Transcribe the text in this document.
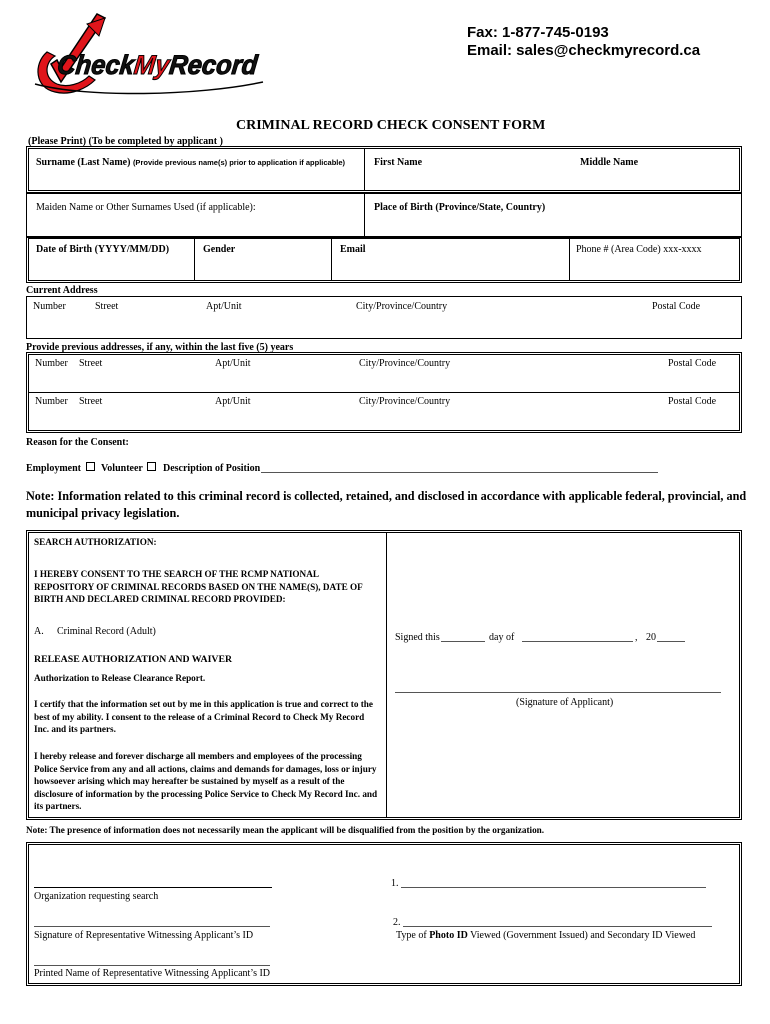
CheckMyRecord
Fax: 1-877-745-0193
Email: sales@checkmyrecord.ca
CRIMINAL RECORD CHECK CONSENT FORM
(Please Print) (To be completed by applicant )
Surname (Last Name) (Provide previous name(s) prior to application if applicable)	First Name	Middle Name
Maiden Name or Other Surnames Used (if applicable):	Place of Birth (Province/State, Country)
Date of Birth (YYYY/MM/DD)	Gender	Email	Phone # (Area Code) xxx-xxxx
Current Address
Number	Street	Apt/Unit	City/Province/Country	Postal Code
Provide previous addresses, if any, within the last five (5) years
Number Street	Apt/Unit	City/Province/Country	Postal Code
Number Street	Apt/Unit	City/Province/Country	Postal Code
Reason for the Consent:
Employment Volunteer Description of Position
Note: Information related to this criminal record is collected, retained, and disclosed in accordance with applicable federal, provincial, and municipal privacy legislation.
SEARCH AUTHORIZATION:
I HEREBY CONSENT TO THE SEARCH OF THE RCMP NATIONAL REPOSITORY OF CRIMINAL RECORDS BASED ON THE NAME(S), DATE OF BIRTH AND DECLARED CRIMINAL RECORD PROVIDED:
A. Criminal Record (Adult)
RELEASE AUTHORIZATION AND WAIVER
Authorization to Release Clearance Report.
I certify that the information set out by me in this application is true and correct to the best of my ability. I consent to the release of a Criminal Record to Check My Record Inc. and its partners.
I hereby release and forever discharge all members and employees of the processing Police Service from any and all actions, claims and demands for damages, loss or injury howsoever arising which may hereafter be sustained by myself as a result of the disclosure of information by the processing Police Service to Check My Record Inc. and its partners.
Signed this	day of	, 20
(Signature of Applicant)
Note: The presence of information does not necessarily mean the applicant will be disqualified from the position by the organization.
Organization requesting search
Signature of Representative Witnessing Applicant’s ID
Printed Name of Representative Witnessing Applicant’s ID
1.
2.
Type of Photo ID Viewed (Government Issued) and Secondary ID Viewed
